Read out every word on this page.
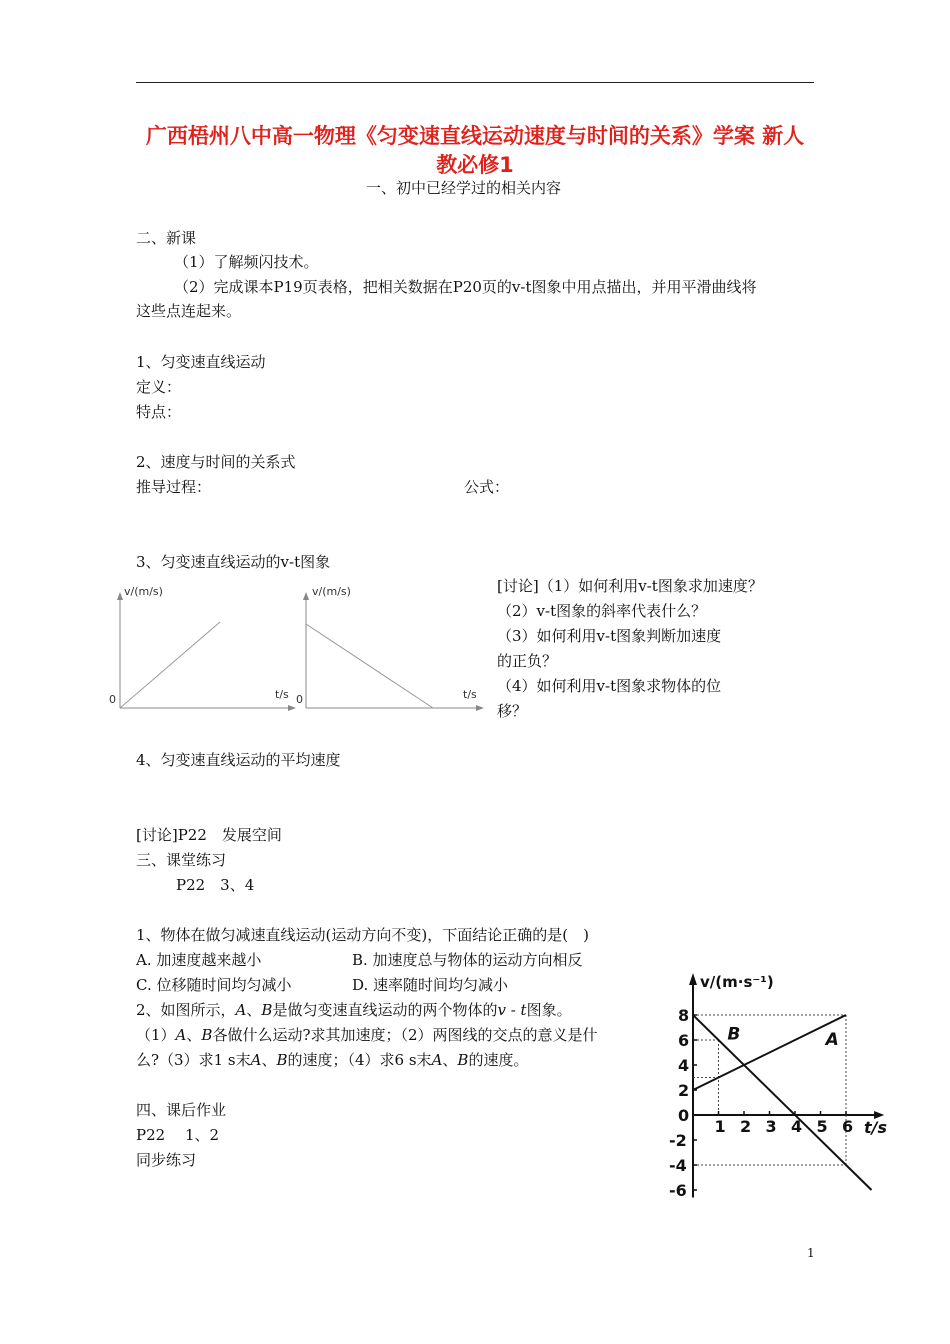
广西梧州八中高一物理《匀变速直线运动速度与时间的关系》学案 新人教必修1
一、初中已经学过的相关内容
二、新课
（1）了解频闪技术。
（2）完成课本P19页表格，把相关数据在P20页的v-t图象中用点描出，并用平滑曲线将
这些点连起来。
1、匀变速直线运动
定义：
特点：
2、速度与时间的关系式
推导过程：	公式：
3、匀变速直线运动的v-t图象
v/(m/s)
t/s
0
v/(m/s)
t/s
0
[讨论]（1）如何利用v-t图象求加速度？
（2）v-t图象的斜率代表什么？
（3）如何利用v-t图象判断加速度
的正负？
（4）如何利用v-t图象求物体的位
移？
4、匀变速直线运动的平均速度
[讨论]P22　发展空间
三、课堂练习
P22　3、4
1、物体在做匀减速直线运动(运动方向不变)，下面结论正确的是(　)
A. 加速度越来越小	B. 加速度总与物体的运动方向相反
C. 位移随时间均匀减小	D. 速率随时间均匀减小
2、如图所示，A、B是做匀变速直线运动的两个物体的v - t图象。
（1）A、B各做什么运动?求其加速度；（2）两图线的交点的意义是什
么?（3）求1 s末A、B的速度；（4）求6 s末A、B的速度。
四、课后作业
P22　 1、2
同步练习
v/(m·s⁻¹)
t/s
1 2 3 4 5 6
8
6
4
2
0
-2
-4
-6
A
B
1
